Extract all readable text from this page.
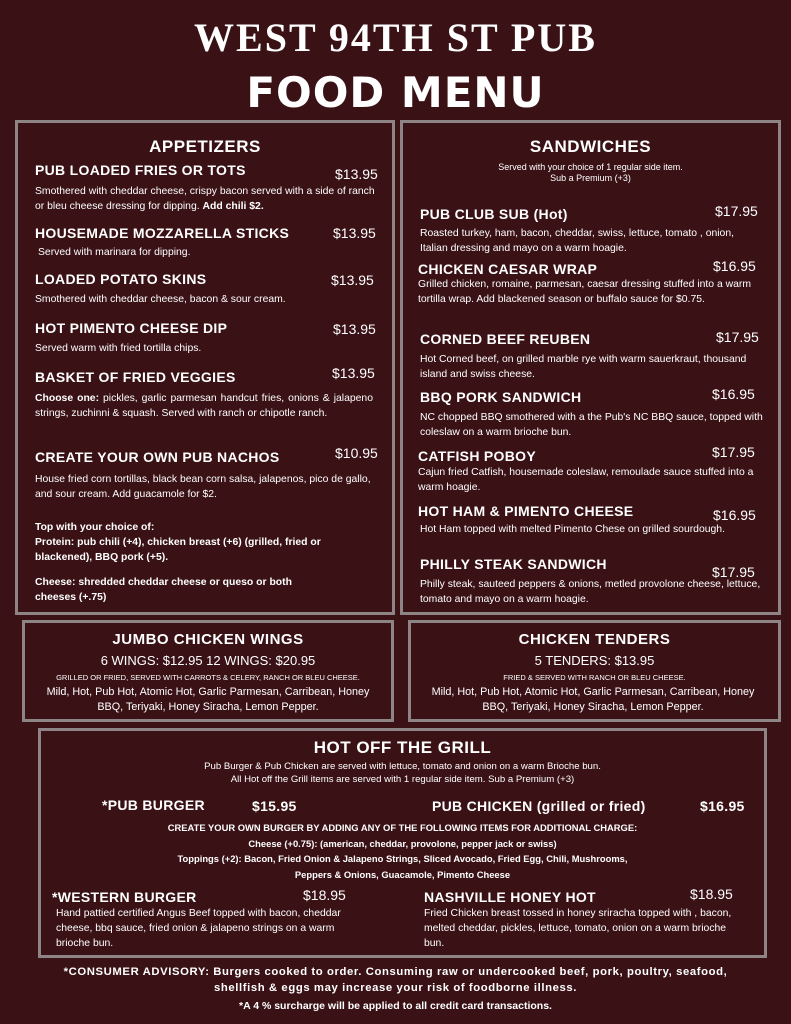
WEST 94TH ST PUB
FOOD MENU
APPETIZERS
PUB LOADED FRIES OR TOTS	$13.95
Smothered with cheddar cheese, crispy bacon served with a side of ranch or bleu cheese dressing for dipping. Add chili $2.
HOUSEMADE MOZZARELLA STICKS	$13.95
Served with marinara for dipping.
LOADED POTATO SKINS	$13.95
Smothered with cheddar cheese, bacon & sour cream.
HOT PIMENTO CHEESE DIP	$13.95
Served warm with fried tortilla chips.
BASKET OF FRIED VEGGIES	$13.95
Choose one: pickles, garlic parmesan handcut fries, onions & jalapeno strings, zuchinni & squash. Served with ranch or chipotle ranch.
CREATE YOUR OWN PUB NACHOS	$10.95
House fried corn tortillas, black bean corn salsa, jalapenos, pico de gallo, and sour cream. Add guacamole for $2.
Top with your choice of:
Protein: pub chili (+4), chicken breast (+6) (grilled, fried or blackened), BBQ pork (+5).
Cheese: shredded cheddar cheese or queso or both cheeses (+.75)
SANDWICHES
Served with your choice of 1 regular side item.
Sub a Premium (+3)
PUB CLUB SUB (Hot)	$17.95
Roasted turkey, ham, bacon, cheddar, swiss, lettuce, tomato , onion, Italian dressing and mayo on a warm hoagie.
CHICKEN CAESAR WRAP	$16.95
Grilled chicken, romaine, parmesan, caesar dressing stuffed into a warm tortilla wrap. Add blackened season or buffalo sauce for $0.75.
CORNED BEEF REUBEN	$17.95
Hot Corned beef, on grilled marble rye with warm sauerkraut, thousand island and swiss cheese.
BBQ PORK SANDWICH	$16.95
NC chopped BBQ smothered with a the Pub's NC BBQ sauce, topped with coleslaw on a warm brioche bun.
CATFISH POBOY	$17.95
Cajun fried Catfish, housemade coleslaw, remoulade sauce stuffed into a warm hoagie.
HOT HAM & PIMENTO CHEESE	$16.95
Hot Ham topped with melted Pimento Chese on grilled sourdough.
PHILLY STEAK SANDWICH	$17.95
Philly steak, sauteed peppers & onions, metled provolone cheese, lettuce, tomato and mayo on a warm hoagie.
JUMBO CHICKEN WINGS
6 WINGS: $12.95 12 WINGS: $20.95
GRILLED OR FRIED, SERVED WITH CARROTS & CELERY, RANCH OR BLEU CHEESE.
Mild, Hot, Pub Hot, Atomic Hot, Garlic Parmesan, Carribean, Honey BBQ, Teriyaki, Honey Siracha, Lemon Pepper.
CHICKEN TENDERS
5 TENDERS: $13.95
FRIED & SERVED WITH RANCH OR BLEU CHEESE.
Mild, Hot, Pub Hot, Atomic Hot, Garlic Parmesan, Carribean, Honey BBQ, Teriyaki, Honey Siracha, Lemon Pepper.
HOT OFF THE GRILL
Pub Burger & Pub Chicken are served with lettuce, tomato and onion on a warm Brioche bun.
All Hot off the Grill items are served with 1 regular side item. Sub a Premium (+3)
*PUB BURGER	$15.95	PUB CHICKEN (grilled or fried)	$16.95
CREATE YOUR OWN BURGER BY ADDING ANY OF THE FOLLOWING ITEMS FOR ADDITIONAL CHARGE:
Cheese (+0.75): (american, cheddar, provolone, pepper jack or swiss)
Toppings (+2): Bacon, Fried Onion & Jalapeno Strings, Sliced Avocado, Fried Egg, Chili, Mushrooms,
Peppers & Onions, Guacamole, Pimento Cheese
*WESTERN BURGER	$18.95
Hand pattied certified Angus Beef topped with bacon, cheddar cheese, bbq sauce, fried onion & jalapeno strings on a warm brioche bun.
NASHVILLE HONEY HOT	$18.95
Fried Chicken breast tossed in honey sriracha topped with , bacon, melted cheddar, pickles, lettuce, tomato, onion on a warm brioche bun.
*CONSUMER ADVISORY: Burgers cooked to order. Consuming raw or undercooked beef, pork, poultry, seafood, shellfish & eggs may increase your risk of foodborne illness.
*A 4 % surcharge will be applied to all credit card transactions.
